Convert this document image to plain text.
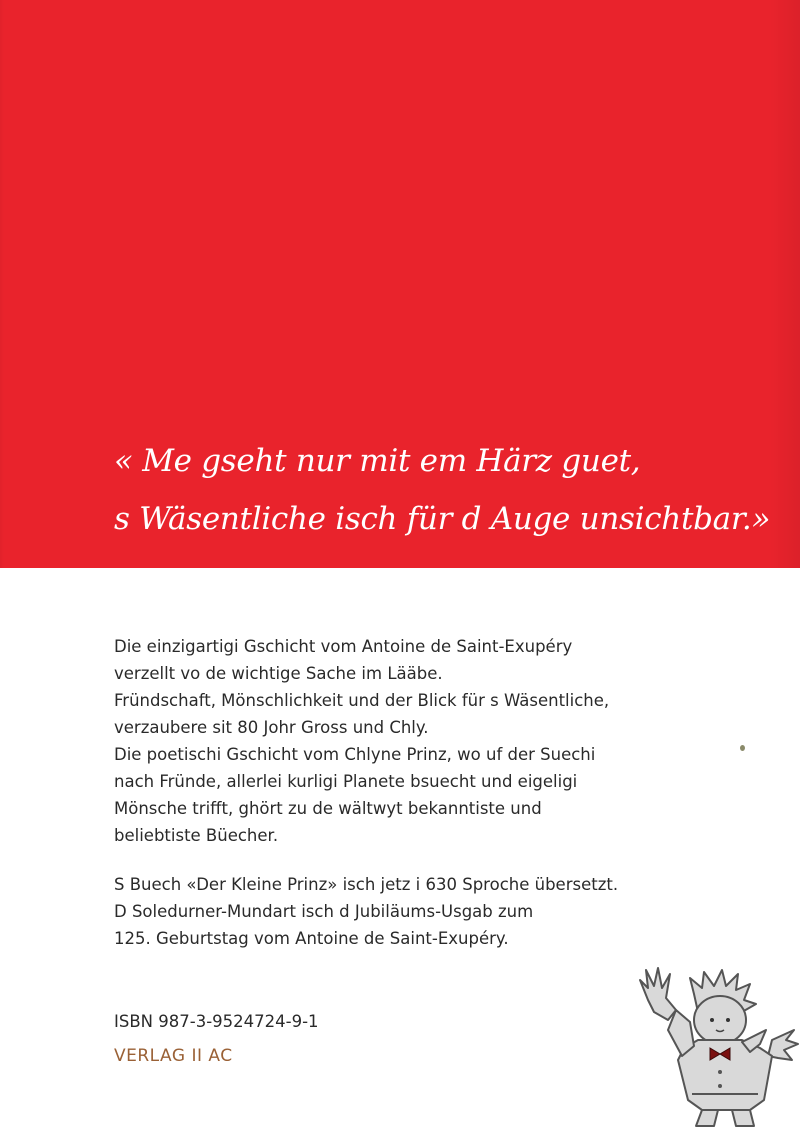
« Me gseht nur mit em Härz guet,
s Wäsentliche isch für d Auge unsichtbar.»
Die einzigartigi Gschicht vom Antoine de Saint-Exupéry
verzellt vo de wichtige Sache im Lääbe.
Fründschaft, Mönschlichkeit und der Blick für s Wäsentliche,
verzaubere sit 80 Johr Gross und Chly.
Die poetischi Gschicht vom Chlyne Prinz, wo uf der Suechi
nach Fründe, allerlei kurligi Planete bsuecht und eigeligi
Mönsche trifft, ghört zu de wältwyt bekanntiste und
beliebtiste Büecher.
S Buech «Der Kleine Prinz» isch jetz i 630 Sproche übersetzt.
D Soledurner-Mundart isch d Jubiläums-Usgab zum
125. Geburtstag vom Antoine de Saint-Exupéry.
ISBN 987-3-9524724-9-1
VERLAG II AC
